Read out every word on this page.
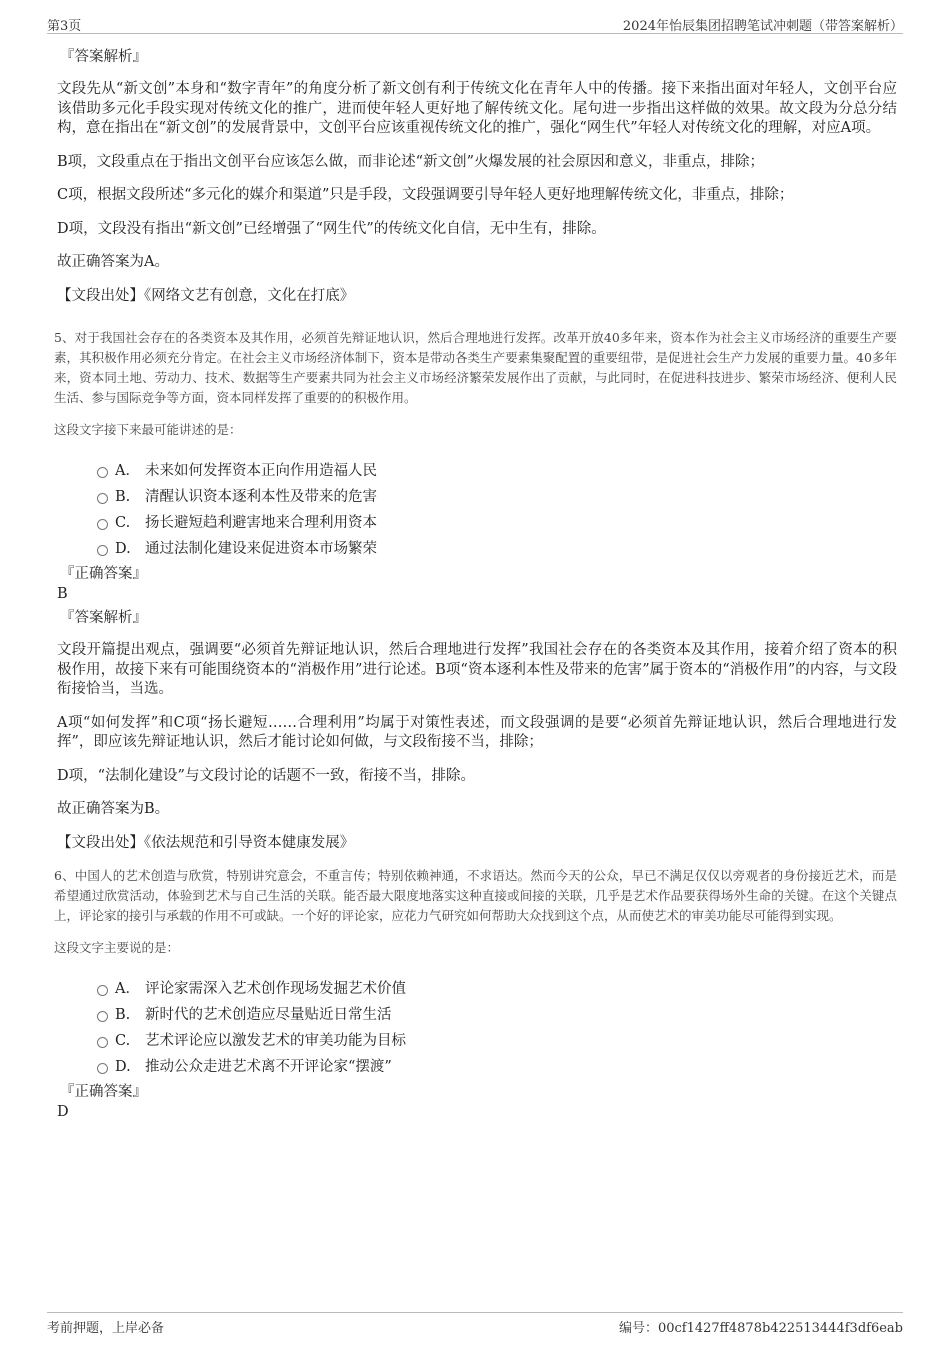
第3页	2024年怡辰集团招聘笔试冲刺题（带答案解析）

『答案解析』

文段先从“新文创”本身和“数字青年”的角度分析了新文创有利于传统文化在青年人中的传播。接下来指出面对年轻人，文创平台应该借助多元化手段实现对传统文化的推广，进而使年轻人更好地了解传统文化。尾句进一步指出这样做的效果。故文段为分总分结构，意在指出在“新文创”的发展背景中，文创平台应该重视传统文化的推广，强化“网生代”年轻人对传统文化的理解，对应A项。

B项，文段重点在于指出文创平台应该怎么做，而非论述“新文创”火爆发展的社会原因和意义，非重点，排除；

C项，根据文段所述“多元化的媒介和渠道”只是手段，文段强调要引导年轻人更好地理解传统文化，非重点，排除；

D项，文段没有指出“新文创”已经增强了“网生代”的传统文化自信，无中生有，排除。

故正确答案为A。

【文段出处】《网络文艺有创意，文化在打底》

5、对于我国社会存在的各类资本及其作用，必须首先辩证地认识，然后合理地进行发挥。改革开放40多年来，资本作为社会主义市场经济的重要生产要素，其积极作用必须充分肯定。在社会主义市场经济体制下，资本是带动各类生产要素集聚配置的重要纽带，是促进社会生产力发展的重要力量。40多年来，资本同土地、劳动力、技术、数据等生产要素共同为社会主义市场经济繁荣发展作出了贡献，与此同时，在促进科技进步、繁荣市场经济、便利人民生活、参与国际竞争等方面，资本同样发挥了重要的的积极作用。

这段文字接下来最可能讲述的是：

A． 未来如何发挥资本正向作用造福人民
B. 清醒认识资本逐利本性及带来的危害
C. 扬长避短趋利避害地来合理利用资本
D. 通过法制化建设来促进资本市场繁荣

『正确答案』

B

『答案解析』

文段开篇提出观点，强调要“必须首先辩证地认识，然后合理地进行发挥”我国社会存在的各类资本及其作用，接着介绍了资本的积极作用，故接下来有可能围绕资本的“消极作用”进行论述。B项“资本逐利本性及带来的危害”属于资本的“消极作用”的内容，与文段衔接恰当，当选。

A项“如何发挥”和C项“扬长避短……合理利用”均属于对策性表述，而文段强调的是要“必须首先辩证地认识，然后合理地进行发挥”，即应该先辩证地认识，然后才能讨论如何做，与文段衔接不当，排除；

D项，“法制化建设”与文段讨论的话题不一致，衔接不当，排除。

故正确答案为B。

【文段出处】《依法规范和引导资本健康发展》

6、中国人的艺术创造与欣赏，特别讲究意会，不重言传；特别依赖神通，不求语达。然而今天的公众，早已不满足仅仅以旁观者的身份接近艺术，而是希望通过欣赏活动，体验到艺术与自己生活的关联。能否最大限度地落实这种直接或间接的关联，几乎是艺术作品要获得场外生命的关键。在这个关键点上，评论家的接引与承载的作用不可或缺。一个好的评论家，应花力气研究如何帮助大众找到这个点，从而使艺术的审美功能尽可能得到实现。

这段文字主要说的是：

A． 评论家需深入艺术创作现场发掘艺术价值
B. 新时代的艺术创造应尽量贴近日常生活
C. 艺术评论应以激发艺术的审美功能为目标
D. 推动公众走进艺术离不开评论家“摆渡”

『正确答案』

D

考前押题，上岸必备	编号：00cf1427ff4878b422513444f3df6eab
